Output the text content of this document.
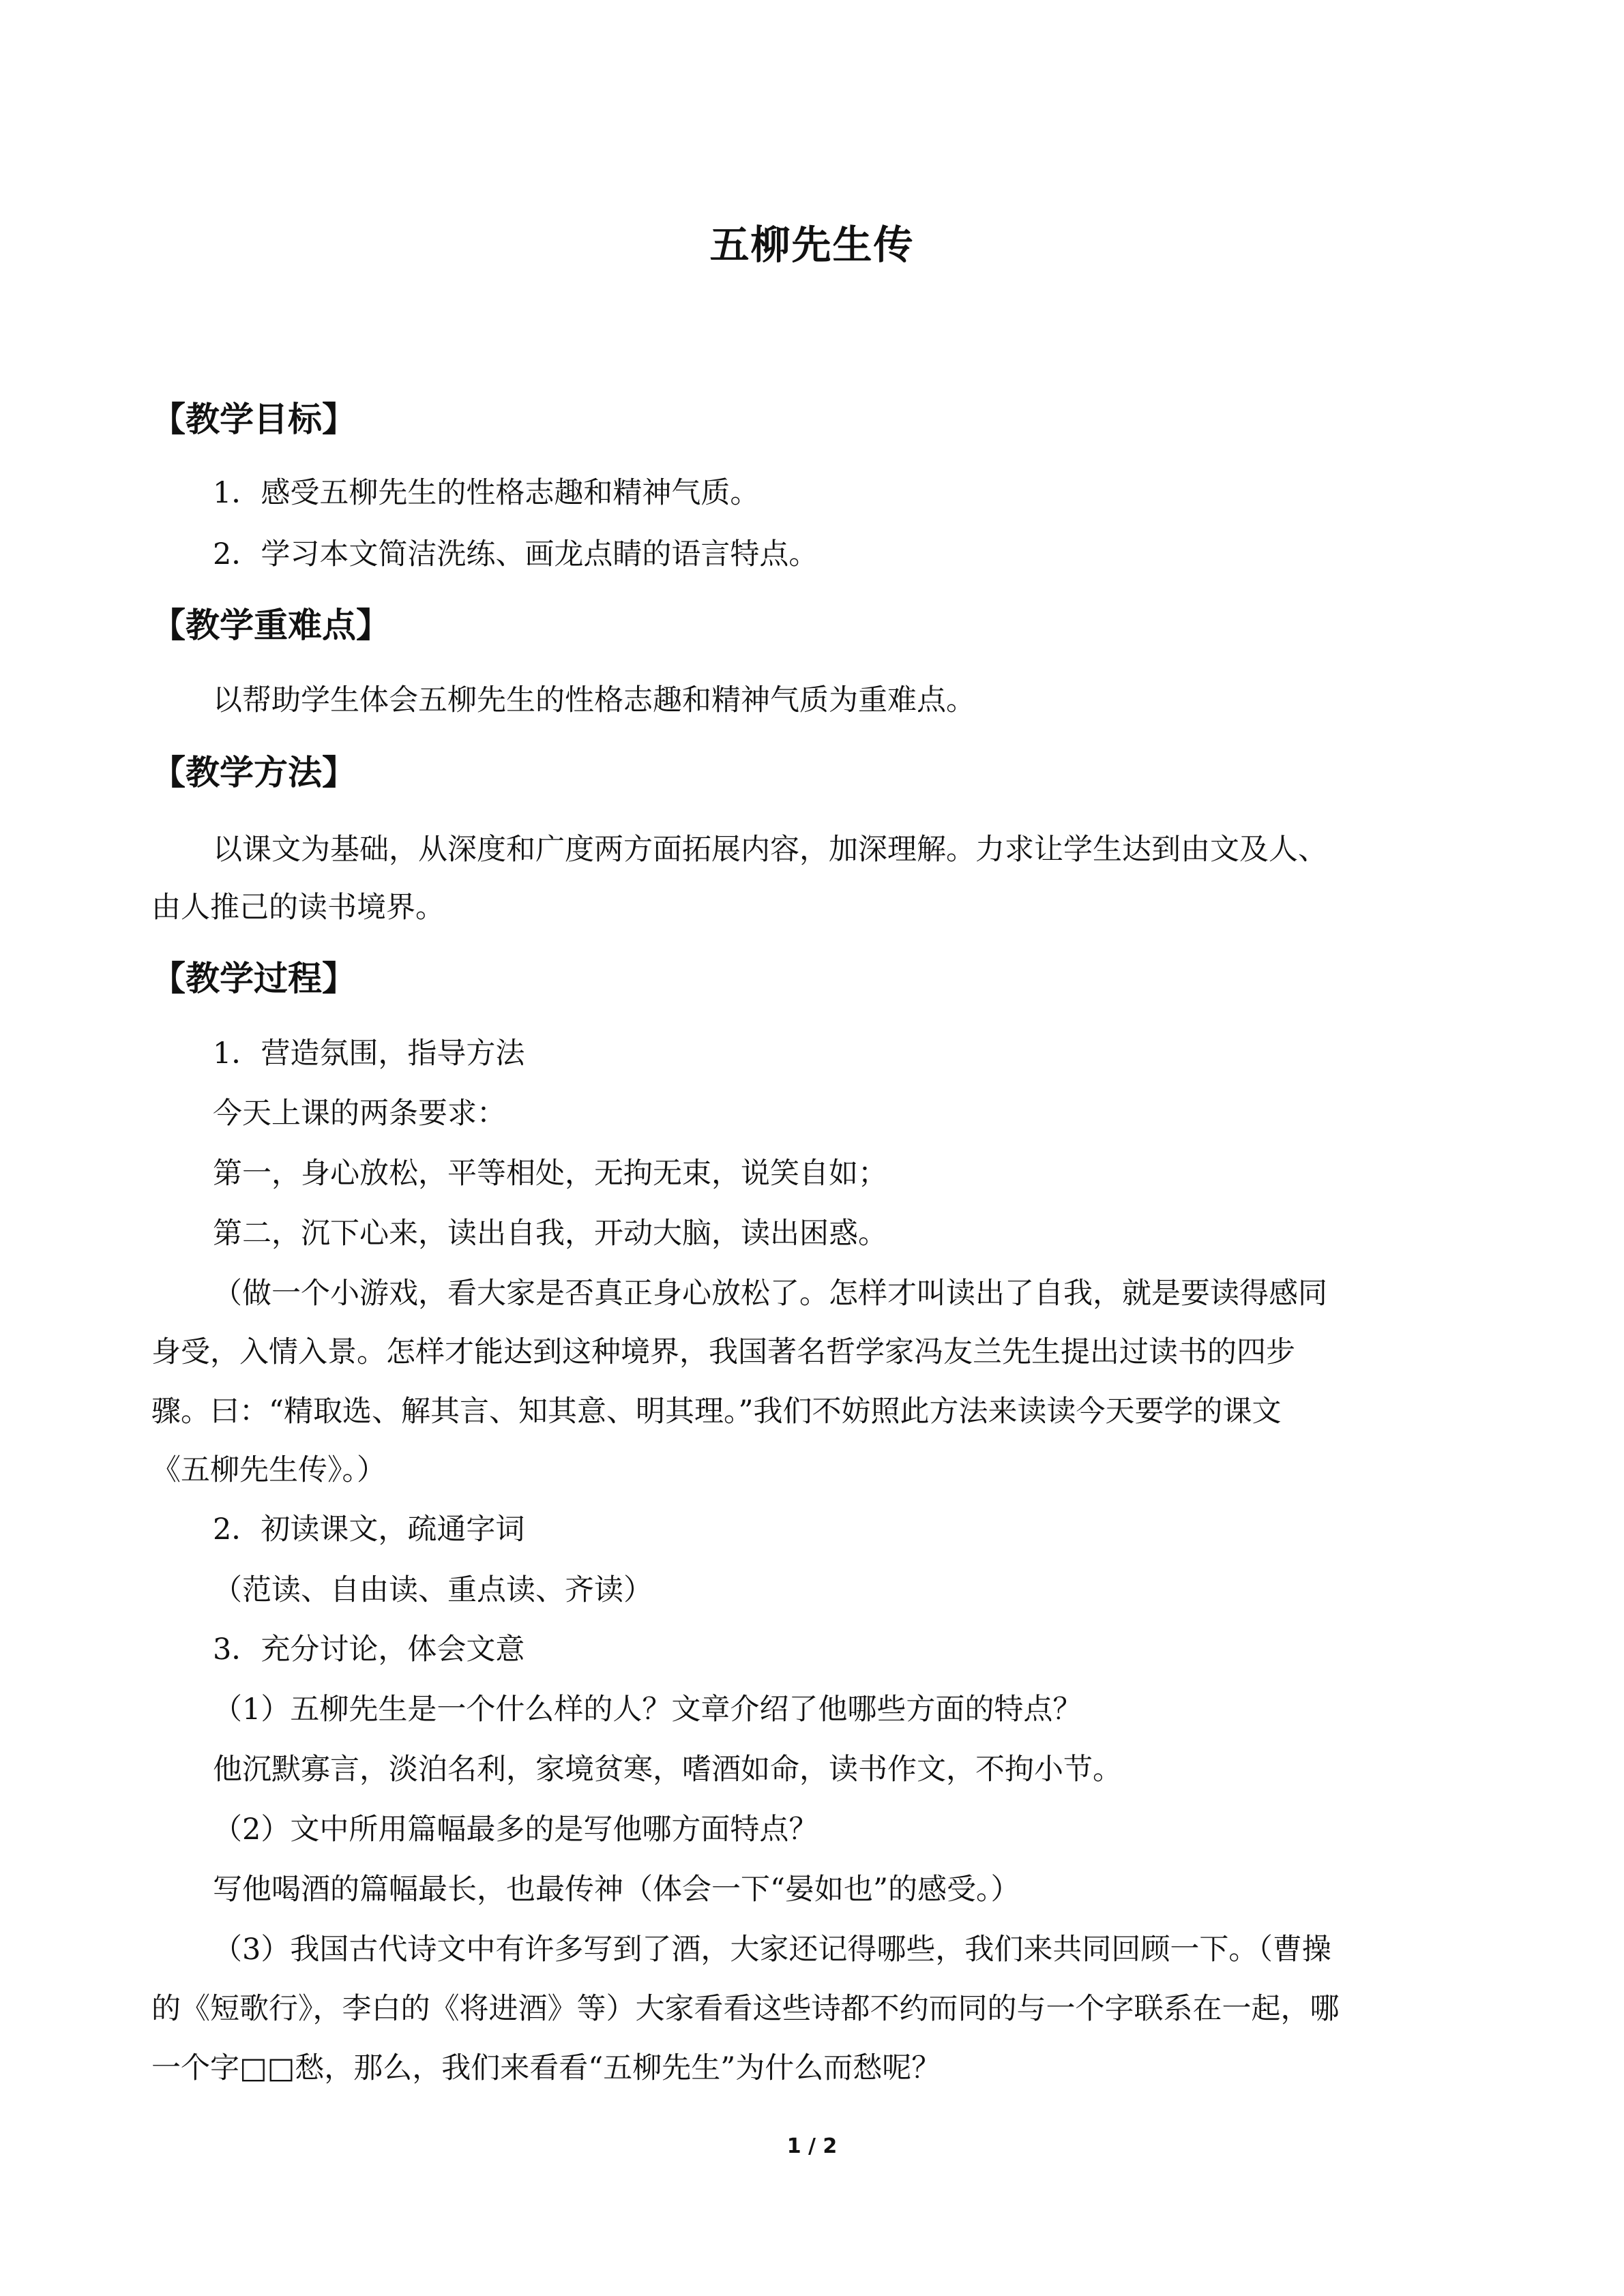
五柳先生传
【教学目标】
1．感受五柳先生的性格志趣和精神气质。
2．学习本文简洁洗练、画龙点睛的语言特点。
【教学重难点】
以帮助学生体会五柳先生的性格志趣和精神气质为重难点。
【教学方法】
以课文为基础，从深度和广度两方面拓展内容，加深理解。力求让学生达到由文及人、
由人推己的读书境界。
【教学过程】
1．营造氛围，指导方法
今天上课的两条要求：
第一，身心放松，平等相处，无拘无束，说笑自如；
第二，沉下心来，读出自我，开动大脑，读出困惑。
（做一个小游戏，看大家是否真正身心放松了。怎样才叫读出了自我，就是要读得感同
身受，入情入景。怎样才能达到这种境界，我国著名哲学家冯友兰先生提出过读书的四步
骤。曰：“精取选、解其言、知其意、明其理。”我们不妨照此方法来读读今天要学的课文
《五柳先生传》。）
2．初读课文，疏通字词
（范读、自由读、重点读、齐读）
3．充分讨论，体会文意
（1）五柳先生是一个什么样的人？文章介绍了他哪些方面的特点？
他沉默寡言，淡泊名利，家境贫寒，嗜酒如命，读书作文，不拘小节。
（2）文中所用篇幅最多的是写他哪方面特点？
写他喝酒的篇幅最长，也最传神（体会一下“晏如也”的感受。）
（3）我国古代诗文中有许多写到了酒，大家还记得哪些，我们来共同回顾一下。（曹操
的《短歌行》，李白的《将进酒》等）大家看看这些诗都不约而同的与一个字联系在一起，哪
一个字□□愁，那么，我们来看看“五柳先生”为什么而愁呢？
1 / 2
